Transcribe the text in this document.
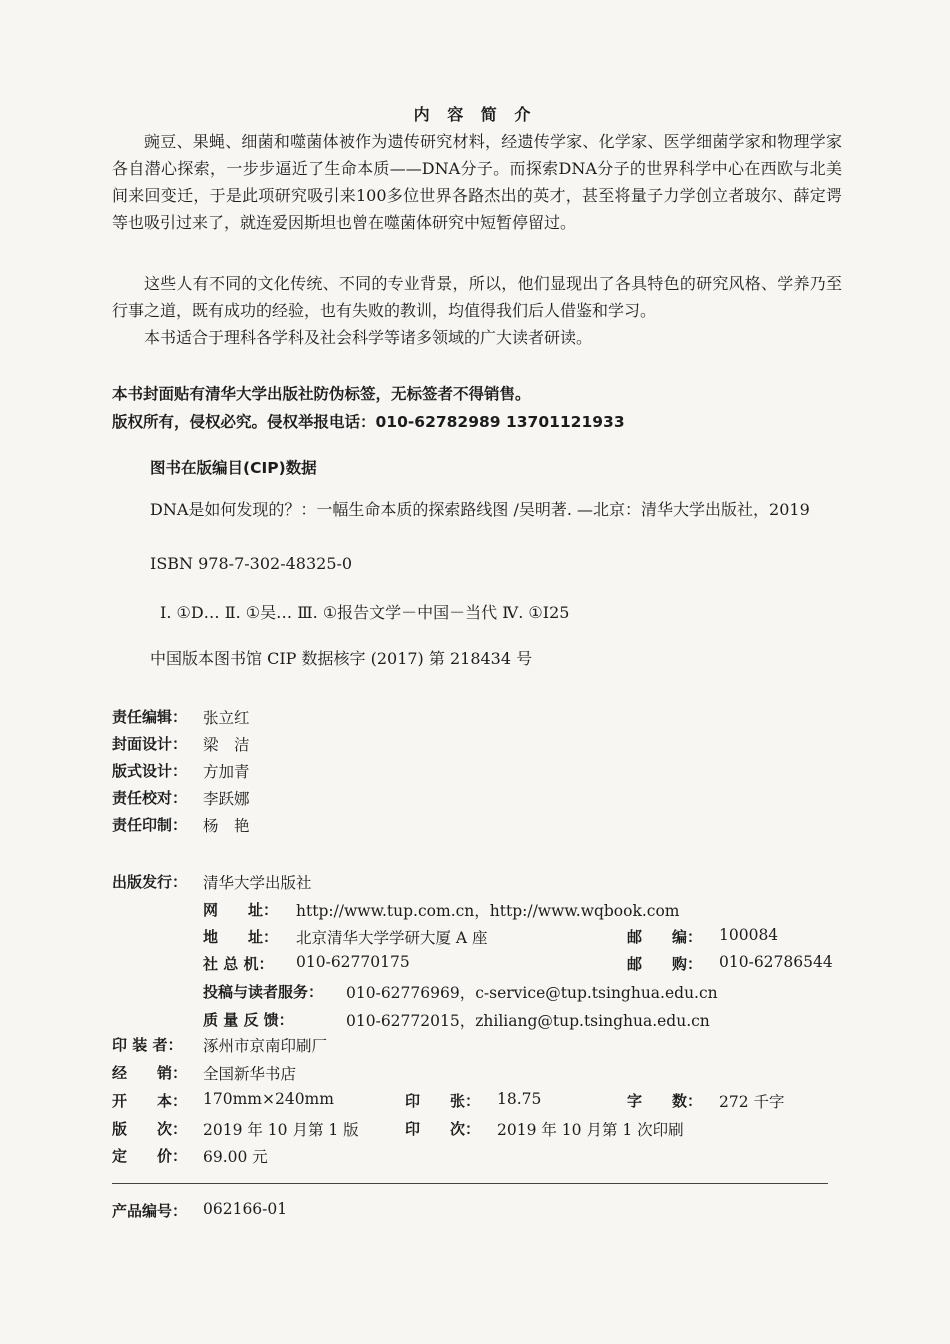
内 容 简 介
豌豆、果蝇、细菌和噬菌体被作为遗传研究材料，经遗传学家、化学家、医学细菌学家和物理学家各自潜心探索，一步步逼近了生命本质——DNA分子。而探索DNA分子的世界科学中心在西欧与北美间来回变迁，于是此项研究吸引来100多位世界各路杰出的英才，甚至将量子力学创立者玻尔、薛定谔等也吸引过来了，就连爱因斯坦也曾在噬菌体研究中短暂停留过。
这些人有不同的文化传统、不同的专业背景，所以，他们显现出了各具特色的研究风格、学养乃至行事之道，既有成功的经验，也有失败的教训，均值得我们后人借鉴和学习。
本书适合于理科各学科及社会科学等诸多领域的广大读者研读。
本书封面贴有清华大学出版社防伪标签，无标签者不得销售。
版权所有，侵权必究。侵权举报电话：010-62782989 13701121933
图书在版编目(CIP)数据
DNA是如何发现的？：一幅生命本质的探索路线图 /吴明著. —北京：清华大学出版社，2019
ISBN 978-7-302-48325-0
Ⅰ. ①D… Ⅱ. ①吴… Ⅲ. ①报告文学－中国－当代 Ⅳ. ①I25
中国版本图书馆 CIP 数据核字 (2017) 第 218434 号
责任编辑： 张立红
封面设计： 梁　洁
版式设计： 方加青
责任校对： 李跃娜
责任印制： 杨　艳
出版发行： 清华大学出版社
网　　址： http://www.tup.com.cn，http://www.wqbook.com
地　　址： 北京清华大学学研大厦 A 座	邮　　编： 100084
社 总 机： 010-62770175	邮　　购： 010-62786544
投稿与读者服务： 010-62776969，c-service@tup.tsinghua.edu.cn
质 量 反 馈：	010-62772015，zhiliang@tup.tsinghua.edu.cn
印 装 者： 涿州市京南印刷厂
经　　销： 全国新华书店
开　　本： 170mm×240mm	印　　张： 18.75	字　　数： 272 千字
版　　次： 2019 年 10 月第 1 版	印　　次： 2019 年 10 月第 1 次印刷
定　　价： 69.00 元
产品编号： 062166-01
